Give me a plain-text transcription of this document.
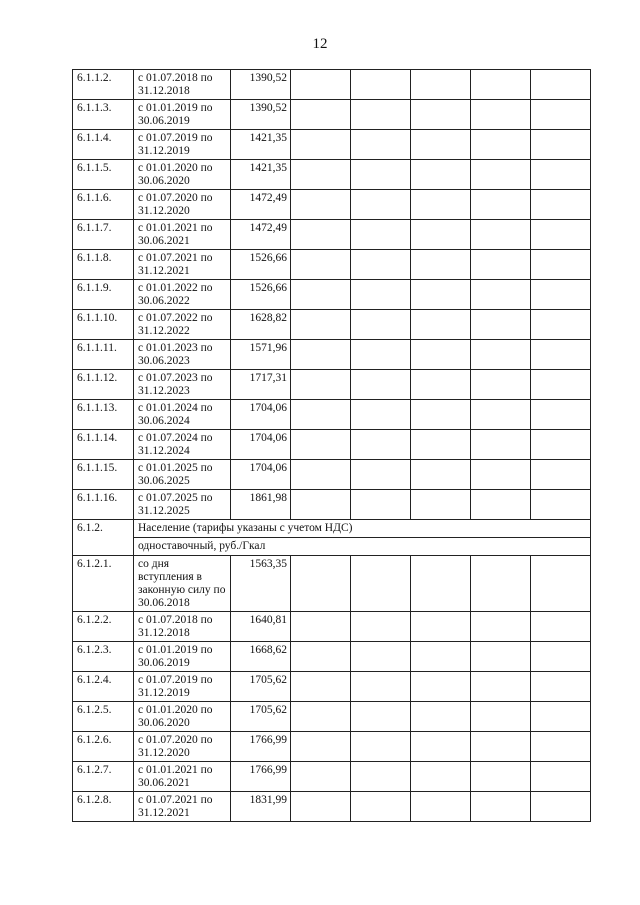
12
6.1.1.2.	с 01.07.2018 по 31.12.2018	1390,52					
6.1.1.3.	с 01.01.2019 по 30.06.2019	1390,52					
6.1.1.4.	с 01.07.2019 по 31.12.2019	1421,35					
6.1.1.5.	с 01.01.2020 по 30.06.2020	1421,35					
6.1.1.6.	с 01.07.2020 по 31.12.2020	1472,49					
6.1.1.7.	с 01.01.2021 по 30.06.2021	1472,49					
6.1.1.8.	с 01.07.2021 по 31.12.2021	1526,66					
6.1.1.9.	с 01.01.2022 по 30.06.2022	1526,66					
6.1.1.10.	с 01.07.2022 по 31.12.2022	1628,82					
6.1.1.11.	с 01.01.2023 по 30.06.2023	1571,96					
6.1.1.12.	с 01.07.2023 по 31.12.2023	1717,31					
6.1.1.13.	с 01.01.2024 по 30.06.2024	1704,06					
6.1.1.14.	с 01.07.2024 по 31.12.2024	1704,06					
6.1.1.15.	с 01.01.2025 по 30.06.2025	1704,06					
6.1.1.16.	с 01.07.2025 по 31.12.2025	1861,98					
6.1.2.	Население (тарифы указаны с учетом НДС)						
	одноставочный, руб./Гкал						
6.1.2.1.	со дня вступления в законную силу по 30.06.2018	1563,35					
6.1.2.2.	с 01.07.2018 по 31.12.2018	1640,81					
6.1.2.3.	с 01.01.2019 по 30.06.2019	1668,62					
6.1.2.4.	с 01.07.2019 по 31.12.2019	1705,62					
6.1.2.5.	с 01.01.2020 по 30.06.2020	1705,62					
6.1.2.6.	с 01.07.2020 по 31.12.2020	1766,99					
6.1.2.7.	с 01.01.2021 по 30.06.2021	1766,99					
6.1.2.8.	с 01.07.2021 по 31.12.2021	1831,99					
